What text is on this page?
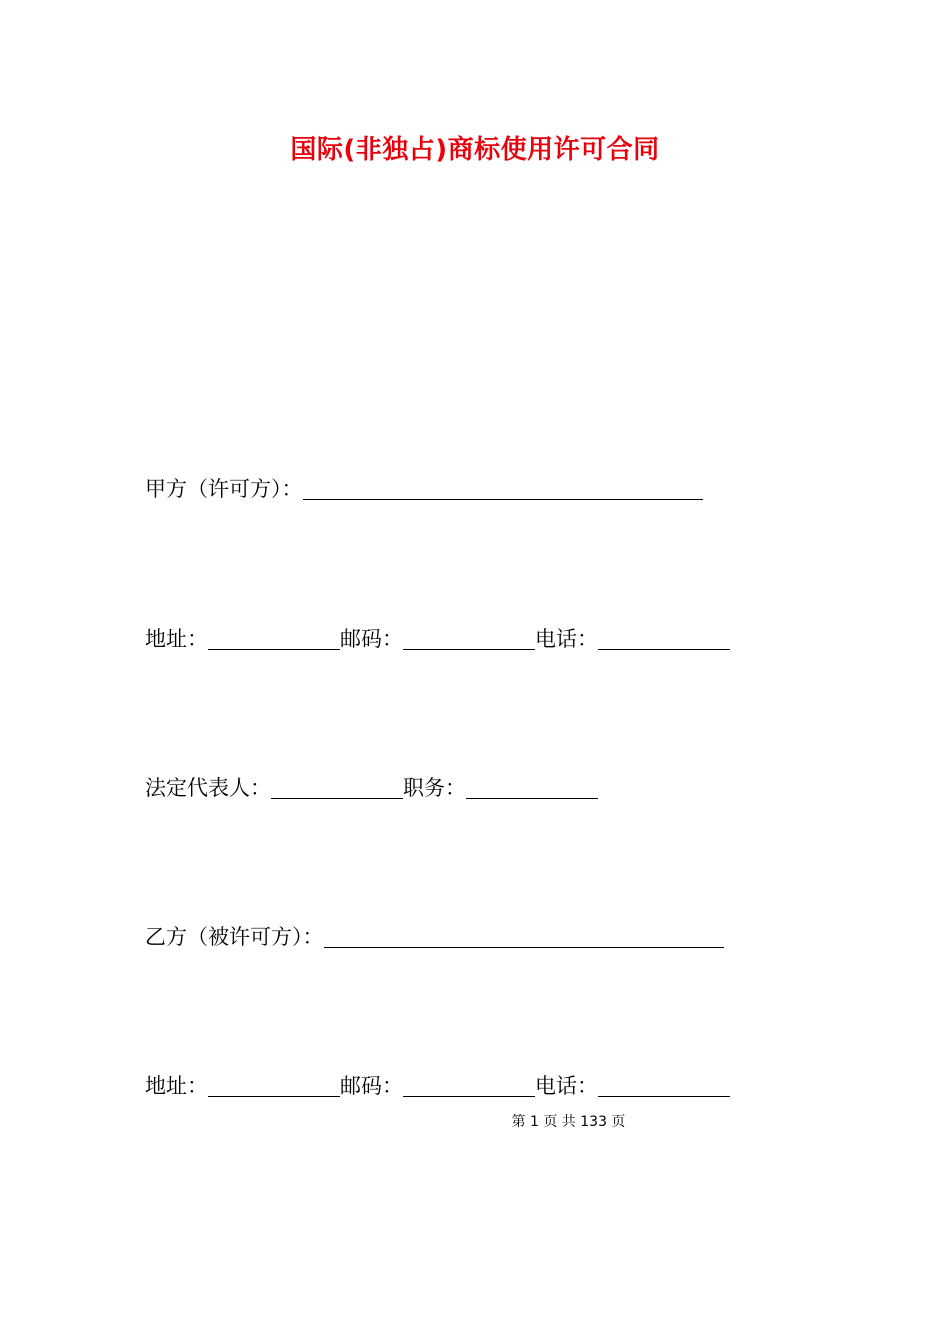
国际(非独占)商标使用许可合同
甲方（许可方）：
地址：	邮码：	电话：
法定代表人：	职务：
乙方（被许可方）：
地址：	邮码：	电话：
第 1 页 共 133 页
